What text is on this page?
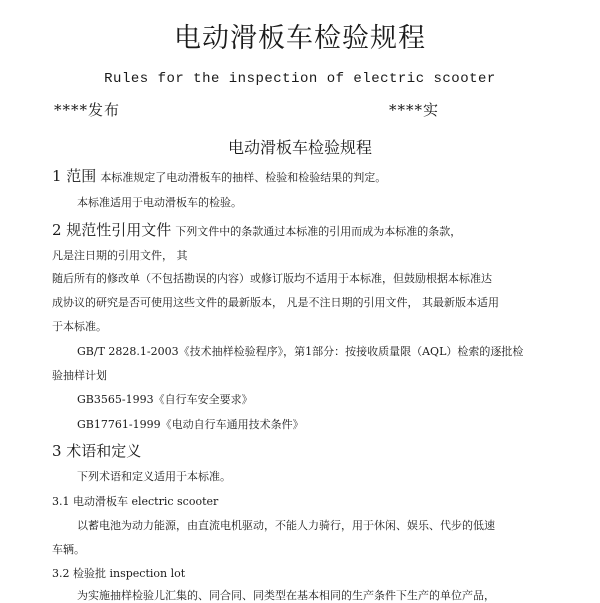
电动滑板车检验规程
Rules for the inspection of electric scooter
****发布	****实
电动滑板车检验规程
1 范围 本标准规定了电动滑板车的抽样、检验和检验结果的判定。
本标准适用于电动滑板车的检验。
2 规范性引用文件 下列文件中的条款通过本标准的引用而成为本标准的条款，
凡是注日期的引用文件， 其
随后所有的修改单（不包括勘误的内容）或修订版均不适用于本标准，但鼓励根据本标准达
成协议的研究是否可使用这些文件的最新版本， 凡是不注日期的引用文件， 其最新版本适用
于本标准。
GB/T 2828.1-2003《技术抽样检验程序》，第1部分：按接收质量限（AQL）检索的逐批检
验抽样计划
GB3565-1993《自行车安全要求》
GB17761-1999《电动自行车通用技术条件》
3 术语和定义
下列术语和定义适用于本标准。
3.1 电动滑板车 electric scooter
以蓄电池为动力能源，由直流电机驱动，不能人力骑行，用于休闲、娱乐、代步的低速
车辆。
3.2 检验批 inspection lot
为实施抽样检验儿汇集的、同合同、同类型在基本相同的生产条件下生产的单位产品，
